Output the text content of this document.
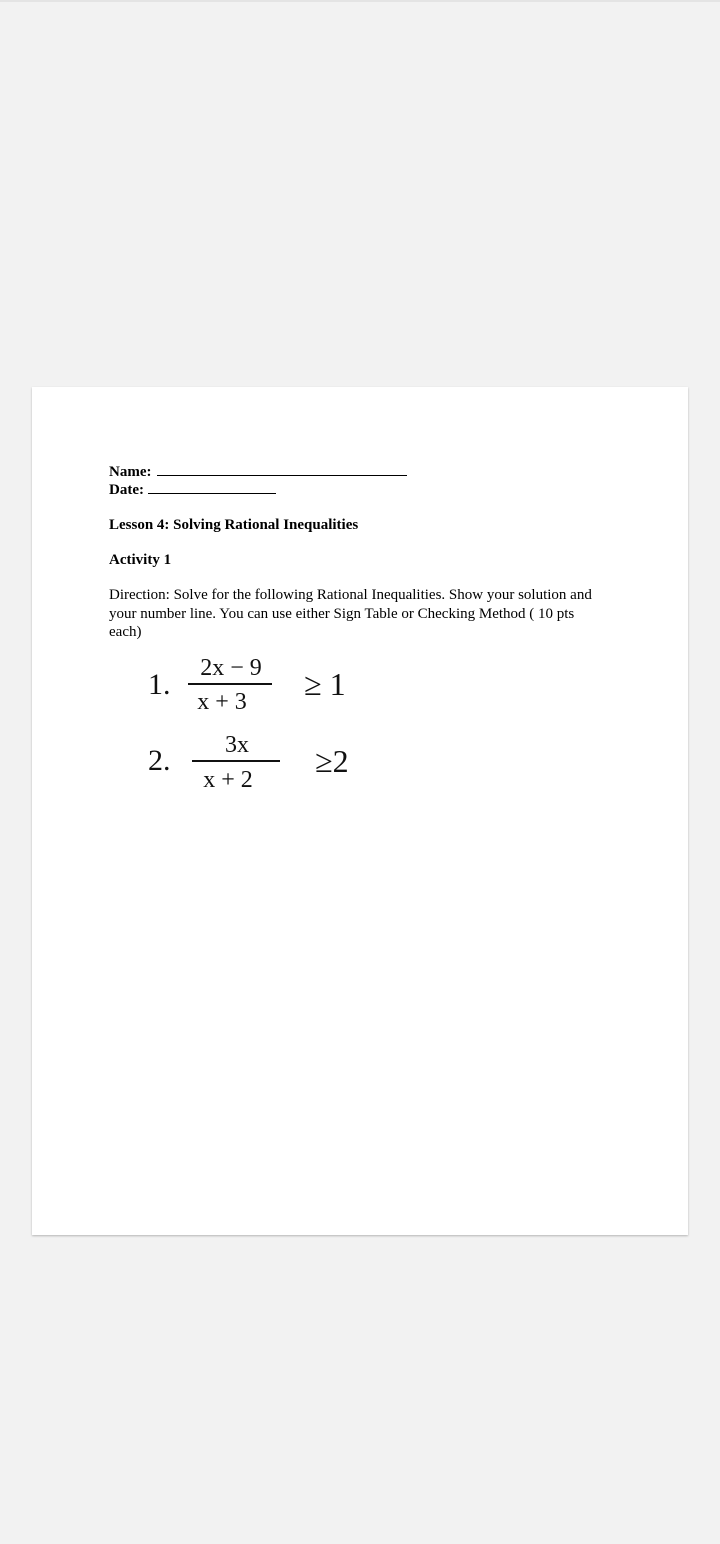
Name:
Date:
Lesson 4: Solving Rational Inequalities
Activity 1
Direction: Solve for the following Rational Inequalities. Show your solution and your number line. You can use either Sign Table or Checking Method ( 10 pts each)
1.	2x − 9
x + 3	≥ 1
2.	3x
x + 2
≥2
